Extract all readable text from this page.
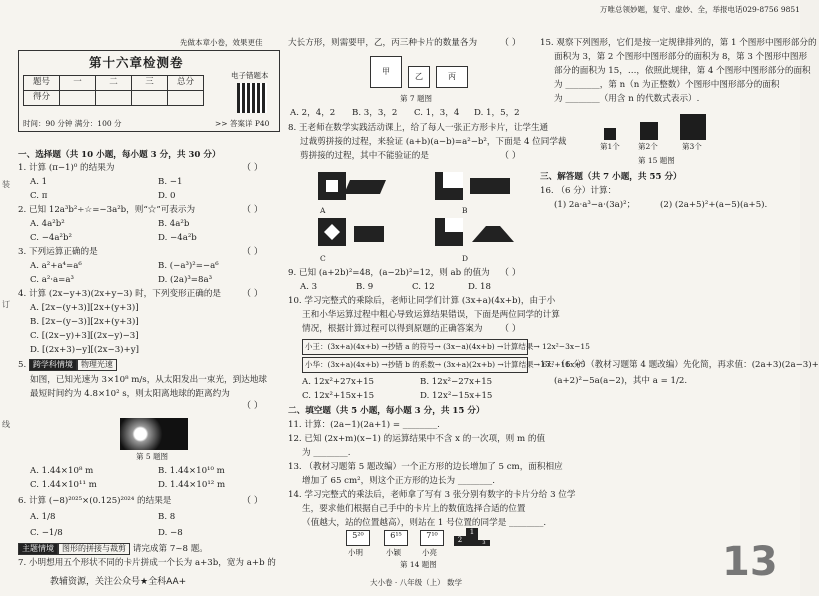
万唯总领妙题，复守、虚妙、全，举报电话029-8756 9851
先做本章小卷，效果更佳
第十六章检测卷
题号	一	二	三	总分
得分				
电子错题本
时间：90 分钟 满分：100 分	>> 答案详 P40
一、选择题（共 10 小题，每小题 3 分，共 30 分）
1. 计算 (π−1)⁰ 的结果为	（ ）
A. 1	B. −1
C. π	D. 0
2. 已知 12a³b²÷☆=−3a²b，则“☆”可表示为	（ ）
A. 4a²b²	B. 4a²b
C. −4a²b²	D. −4a²b
3. 下列运算正确的是	（ ）
A. a²+a⁴=a⁶	B. (−a³)²=−a⁶
C. a²·a=a³	D. (2a)³=8a³
4. 计算 (2x−y+3)(2x+y−3) 时，下列变形正确的是 （ ）
A. [2x−(y+3)][2x+(y+3)]
B. [2x−(y−3)][2x+(y+3)]
C. [(2x−y)+3][(2x−y)−3]
D. [(2x+3)−y][(2x−3)+y]
5. 跨学科情境 物理光速
如图，已知光速为 3×10⁸ m/s，从太阳发出一束光，到达地球最短时间约为 4.8×10² s，则太阳离地球的距离约为
（ ）
第 5 题图
A. 1.44×10⁸ m	B. 1.44×10¹⁰ m
C. 1.44×10¹¹ m	D. 1.44×10¹² m
6. 计算 (−8)²⁰²⁵×(0.125)²⁰²⁴ 的结果是	（ ）
A. 1/8	B. 8
C. −1/8	D. −8
主题情境 图形的拼接与裁剪 请完成第 7~8 题。
7. 小明想用五个形状不同的卡片拼成一个长为 a+3b，宽为 a+b 的
教辅资源，关注公众号★全科AA+
装
订
线
大长方形，则需要甲，乙，丙三种卡片的数量各为	（ ）
甲
乙	丙
第 7 题图
A. 2，4，2 B. 3，3，2 C. 1，3，4 D. 1，5，2
8. 王老师在数学实践活动课上，给了每人一张正方形卡片，让学生通
过裁剪拼接的过程，来验证 (a+b)(a−b)=a²−b²，下面是 4 位同学裁
剪拼接的过程，其中不能验证的是	（ ）
A	B
C	D
9. 已知 (a+2b)²=48，(a−2b)²=12，则 ab 的值为 （ ）
A. 3	B. 9	C. 12	D. 18
10. 学习完整式的乘除后，老师让同学们计算 (3x+a)(4x+b)，由于小
王和小华运算过程中粗心导致运算结果错误，下面是两位同学的计算
情况，根据计算过程可以得到原题的正确答案为 （ ）
小王：(3x+a)(4x+b) →抄错 a 的符号→ (3x−a)(4x+b) →计算结果→ 12x²−3x−15
小华：(3x+a)(4x+b) →抄错 b 的系数→ (3x+a)(2x+b) →计算结果→ 6x²+11x+5
A. 12x²+27x+15	B. 12x²−27x+15
C. 12x²+15x+15	D. 12x²−15x+15
二、填空题（共 5 小题，每小题 3 分，共 15 分）
11. 计算：(2a−1)(2a+1) = ________.
12. 已知 (2x+m)(x−1) 的运算结果中不含 x 的一次项，则 m 的值
为 ________.
13. （教材习题第 5 题改编）一个正方形的边长增加了 5 cm，面积相应
增加了 65 cm²，则这个正方形的边长为 ________.
14. 学习完整式的乘法后，老师拿了写有 3 张分别有数字的卡片分给 3 位学
生，要求他们根据自己手中的卡片上的数值选择合适的位置
（值越大，站的位置越高），则站在 1 号位置的同学是 ________.
5²⁰	6¹⁵	7¹⁰
小明	小颖	小亮
2
1
3
第 14 题图
大小卷 · 八年级（上） 数学
15. 观察下列图形，它们是按一定规律排列的，第 1 个图形中图形部分的
面积为 3，第 2 个图形中图形部分的面积为 8，第 3 个图形中图形
部分的面积为 15，…，依照此规律，第 4 个图形中图形部分的面积
为 ________，第 n（n 为正整数）个图形中图形部分的面积
为 ________（用含 n 的代数式表示）.
第1个 第2个	第3个
第 15 题图
三、解答题（共 7 小题，共 55 分）
16. （6 分）计算：
(1) 2a·a³−a·(3a)²；	(2) (2a+5)²+(a−5)(a+5).
17. （6 分）（教材习题第 4 题改编）先化简，再求值：(2a+3)(2a−3)+
(a+2)²−5a(a−2)，其中 a = 1/2.
13
